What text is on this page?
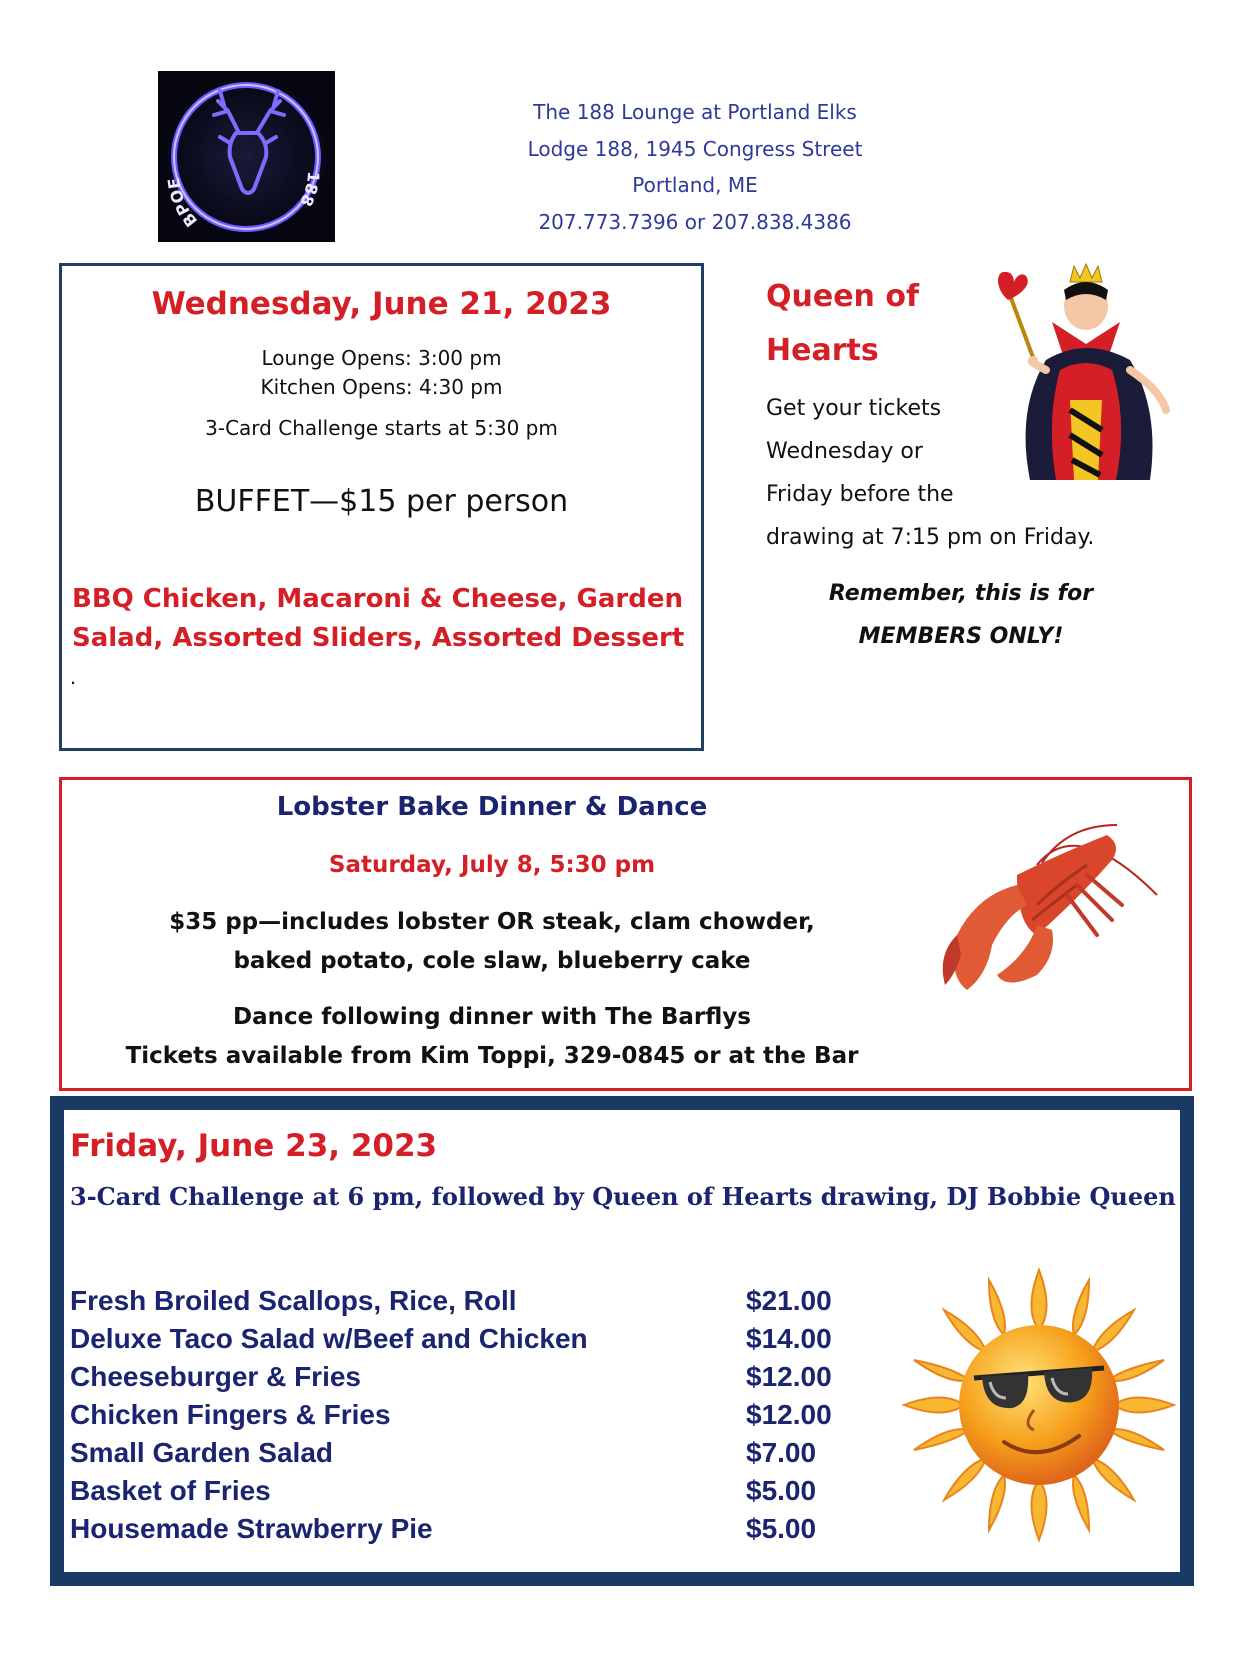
BPOE	188
The 188 Lounge at Portland Elks
Lodge 188, 1945 Congress Street
Portland, ME
207.773.7396 or 207.838.4386
Wednesday, June 21, 2023
Lounge Opens: 3:00 pm
Kitchen Opens: 4:30 pm
3-Card Challenge starts at 5:30 pm
BUFFET—$15 per person
BBQ Chicken, Macaroni & Cheese, Garden Salad, Assorted Sliders, Assorted Dessert
.
Queen of
Hearts
Get your tickets
Wednesday or
Friday before the
drawing at 7:15 pm on Friday.
Remember, this is for
MEMBERS ONLY!
Lobster Bake Dinner & Dance
Saturday, July 8, 5:30 pm
$35 pp—includes lobster OR steak, clam chowder,
baked potato, cole slaw, blueberry cake
Dance following dinner with The Barflys
Tickets available from Kim Toppi, 329-0845 or at the Bar
Friday, June 23, 2023
3-Card Challenge at 6 pm, followed by Queen of Hearts drawing, DJ Bobbie Queen
Fresh Broiled Scallops, Rice, Roll	$21.00
Deluxe Taco Salad w/Beef and Chicken	$14.00
Cheeseburger & Fries	$12.00
Chicken Fingers & Fries	$12.00
Small Garden Salad	$7.00
Basket of Fries	$5.00
Housemade Strawberry Pie	$5.00
